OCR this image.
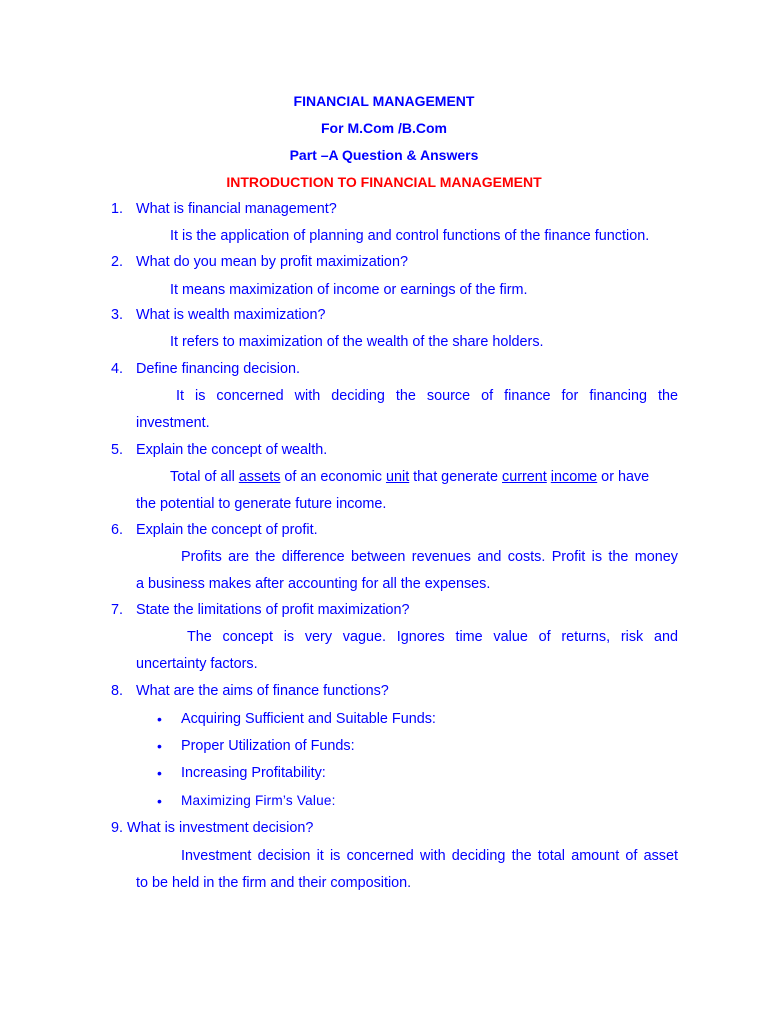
FINANCIAL MANAGEMENT
For M.Com /B.Com
Part –A Question & Answers
INTRODUCTION TO FINANCIAL MANAGEMENT
1. What is financial management?
It is the application of planning and control functions of the finance function.
2. What do you mean by profit maximization?
It means maximization of income or earnings of the firm.
3. What is wealth maximization?
It refers to maximization of the wealth of the share holders.
4. Define financing decision.
It is concerned with deciding the source of finance for financing the
investment.
5. Explain the concept of wealth.
Total of all assets of an economic unit that generate current income or have
the potential to generate future income.
6. Explain the concept of profit.
Profits are the difference between revenues and costs. Profit is the money
a business makes after accounting for all the expenses.
7. State the limitations of profit maximization?
The concept is very vague. Ignores time value of returns, risk and
uncertainty factors.
8. What are the aims of finance functions?
• Acquiring Sufficient and Suitable Funds:
• Proper Utilization of Funds:
• Increasing Profitability:
• Maximizing Firm’s Value:
9. What is investment decision?
Investment decision it is concerned with deciding the total amount of asset
to be held in the firm and their composition.
